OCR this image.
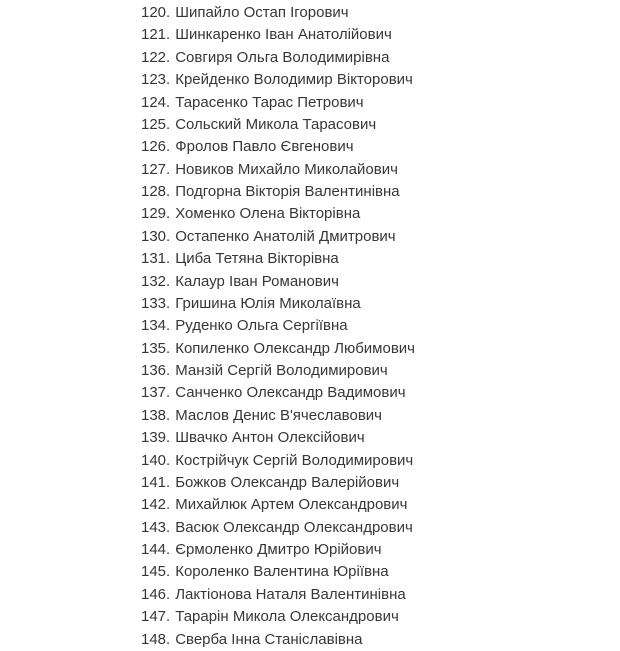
120. Шипайло Остап Ігорович
121. Шинкаренко Іван Анатолійович
122. Совгиря Ольга Володимирівна
123. Крейденко Володимир Вікторович
124. Тарасенко Тарас Петрович
125. Сольский Микола Тарасович
126. Фролов Павло Євгенович
127. Новиков Михайло Миколайович
128. Подгорна Вікторія Валентинівна
129. Хоменко Олена Вікторівна
130. Остапенко Анатолій Дмитрович
131. Циба Тетяна Вікторівна
132. Калаур Іван Романович
133. Гришина Юлія Миколаївна
134. Руденко Ольга Сергіївна
135. Копиленко Олександр Любимович
136. Манзій Сергій Володимирович
137. Санченко Олександр Вадимович
138. Маслов Денис В'ячеславович
139. Швачко Антон Олексійович
140. Кострійчук Сергій Володимирович
141. Божков Олександр Валерійович
142. Михайлюк Артем Олександрович
143. Васюк Олександр Олександрович
144. Єрмоленко Дмитро Юрійович
145. Короленко Валентина Юріївна
146. Лактіонова Наталя Валентинівна
147. Тарарін Микола Олександрович
148. Сверба Інна Станіславівна
